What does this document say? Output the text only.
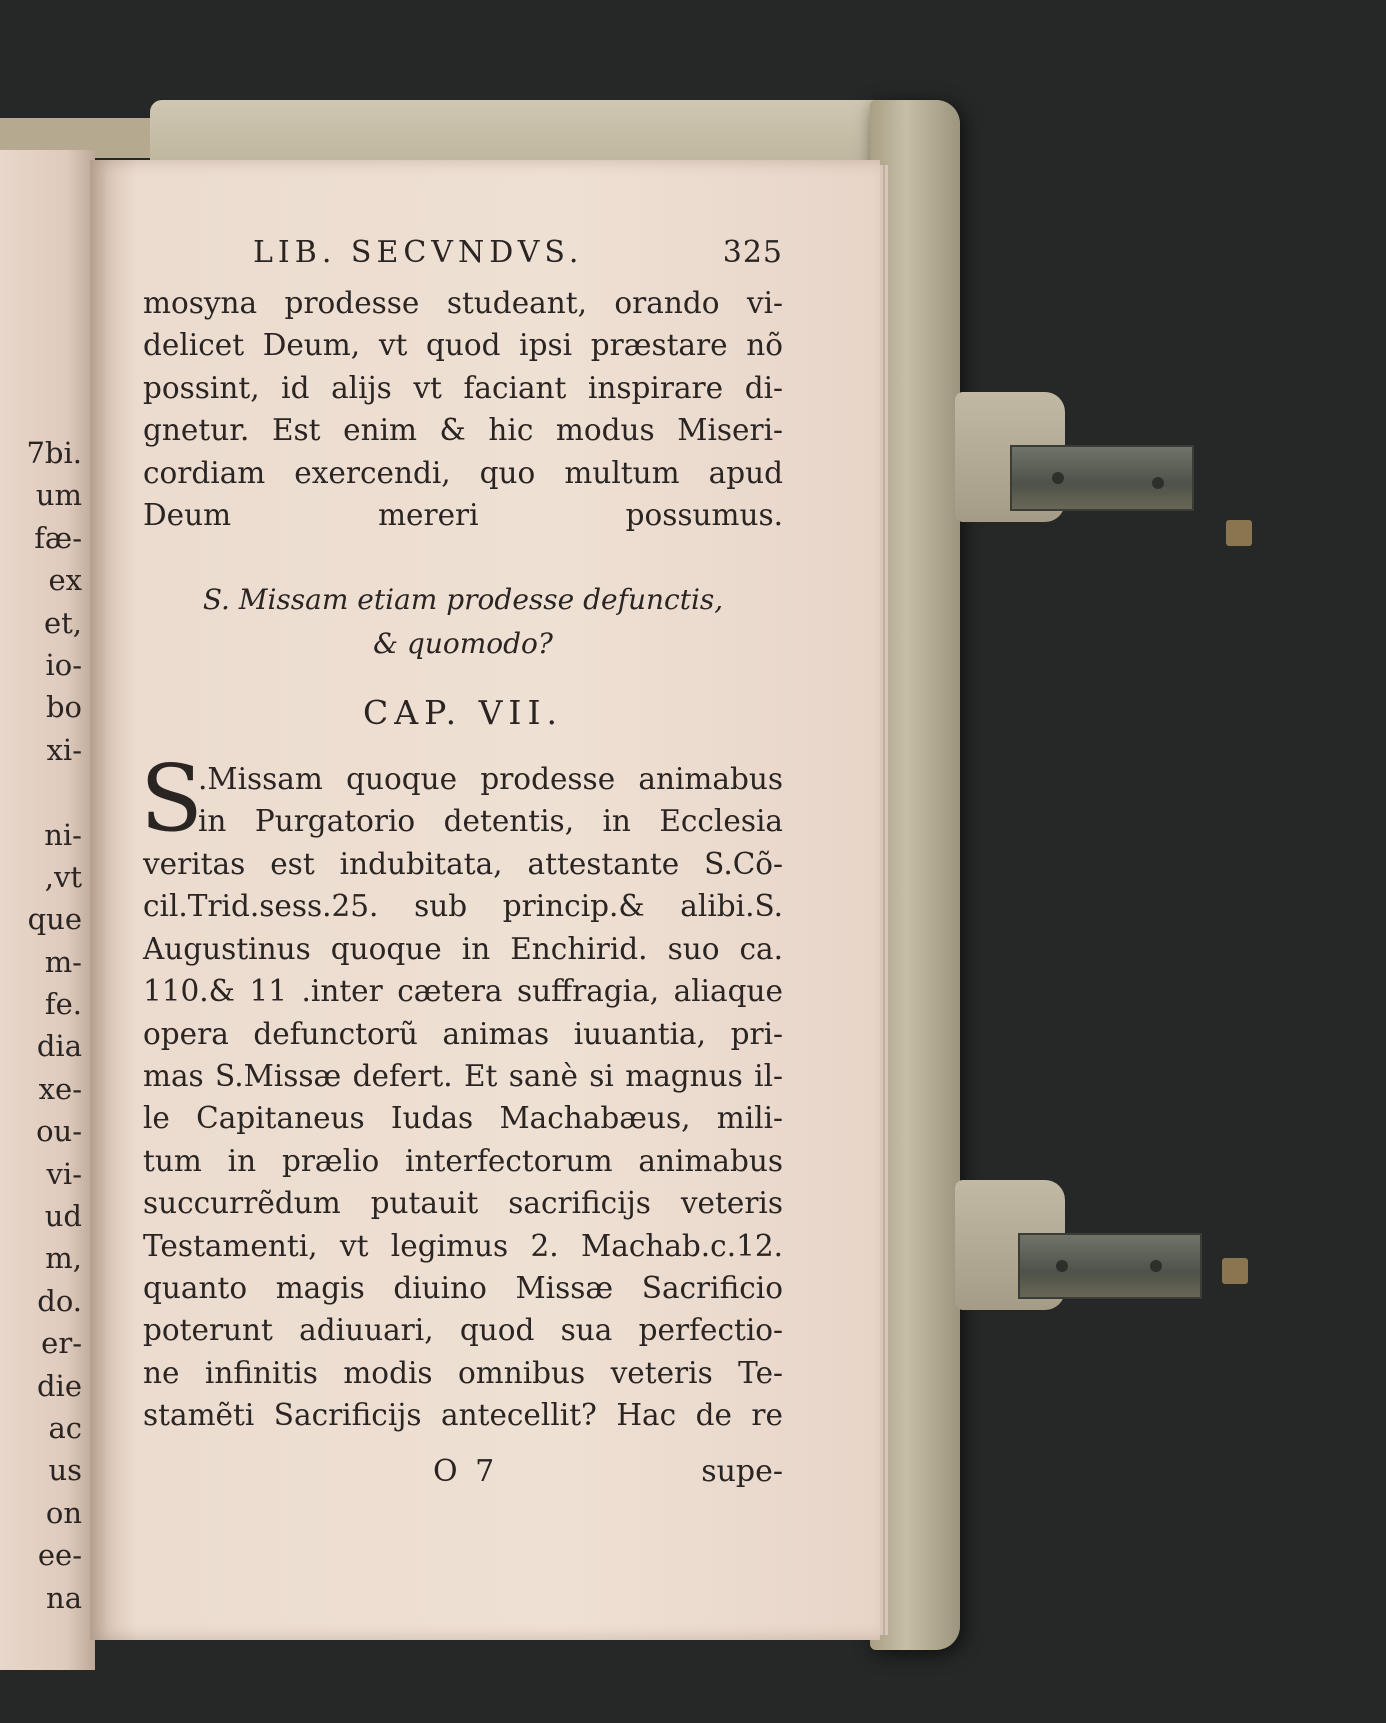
7bi.
um
fæ-
ex
et,
io-
bo
xi-
ni-
,vt
que
m-
fe.
dia
xe-
ou-
vi-
ud
m,
do.
er-
die
ac
us
on
ee-
na
LIB. SECVNDVS.	325
mosyna prodesse studeant, orando vi-
delicet Deum, vt quod ipsi præstare nõ
possint, id alijs vt faciant inspirare di-
gnetur. Est enim & hic modus Miseri-
cordiam exercendi, quo multum apud
Deum mereri possumus.
S. Missam etiam prodesse defunctis,
& quomodo?
CAP. VII.
S
.Missam quoque prodesse animabus
in Purgatorio detentis, in Ecclesia
veritas est indubitata, attestante S.Cõ-
cil.Trid.sess.25. sub princip.& alibi.S.
Augustinus quoque in Enchirid. suo ca.
110.& 11 .inter cætera suffragia, aliaque
opera defunctorũ animas iuuantia, pri-
mas S.Missæ defert. Et sanè si magnus il-
le Capitaneus Iudas Machabæus, mili-
tum in prælio interfectorum animabus
succurrẽdum putauit sacrificijs veteris
Testamenti, vt legimus 2. Machab.c.12.
quanto magis diuino Missæ Sacrificio
poterunt adiuuari, quod sua perfectio-
ne infinitis modis omnibus veteris Te-
stamẽti Sacrificijs antecellit? Hac de re
O 7	supe-
